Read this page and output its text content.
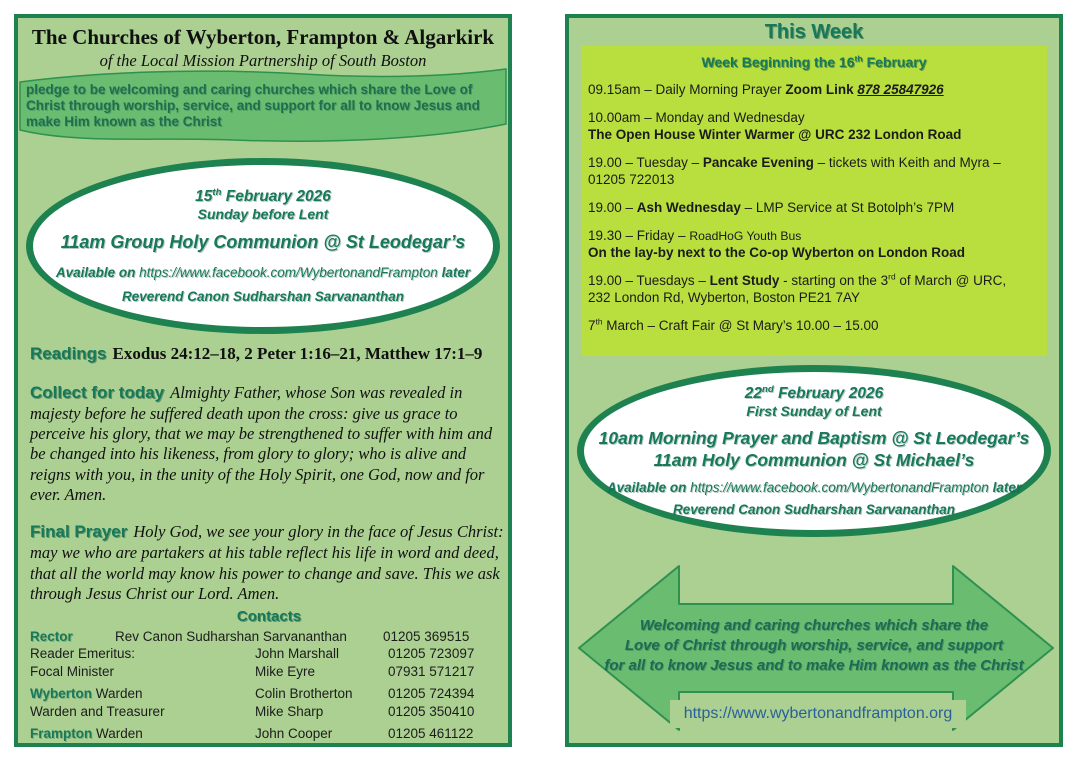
The Churches of Wyberton, Frampton & Algarkirk
of the Local Mission Partnership of South Boston
pledge to be welcoming and caring churches which share the Love of Christ through worship, service, and support for all to know Jesus and make Him known as the Christ
15th February 2026
Sunday before Lent
11am Group Holy Communion @ St Leodegar’s
Available on https://www.facebook.com/WybertonandFrampton later
Reverend Canon Sudharshan Sarvananthan

Readings Exodus 24:12–18, 2 Peter 1:16–21, Matthew 17:1–9

Collect for today Almighty Father, whose Son was revealed in majesty before he suffered death upon the cross: give us grace to perceive his glory, that we may be strengthened to suffer with him and be changed into his likeness, from glory to glory; who is alive and reigns with you, in the unity of the Holy Spirit, one God, now and for ever. Amen.

Final Prayer Holy God, we see your glory in the face of Jesus Christ: may we who are partakers at his table reflect his life in word and deed, that all the world may know his power to change and save. This we ask through Jesus Christ our Lord. Amen.

Contacts
Rector	Rev Canon Sudharshan Sarvananthan	01205 369515
Reader Emeritus:	John Marshall	01205 723097
Focal Minister	Mike Eyre	07931 571217
Wyberton Warden	Colin Brotherton	01205 724394
Warden and Treasurer	Mike Sharp	01205 350410
Frampton Warden	John Cooper	01205 461122
This Week
Week Beginning the 16th February

09.15am – Daily Morning Prayer Zoom Link 878 25847926

10.00am – Monday and Wednesday
The Open House Winter Warmer @ URC 232 London Road

19.00 – Tuesday – Pancake Evening – tickets with Keith and Myra – 01205 722013

19.00 – Ash Wednesday – LMP Service at St Botolph’s 7PM

19.30 – Friday – RoadHoG Youth Bus
On the lay-by next to the Co-op Wyberton on London Road

19.00 – Tuesdays – Lent Study - starting on the 3rd of March @ URC,
232 London Rd, Wyberton, Boston PE21 7AY

7th March – Craft Fair @ St Mary’s 10.00 – 15.00

22nd February 2026
First Sunday of Lent
10am Morning Prayer and Baptism @ St Leodegar’s
11am Holy Communion @ St Michael’s
Available on https://www.facebook.com/WybertonandFrampton later
Reverend Canon Sudharshan Sarvananthan
Welcoming and caring churches which share the
Love of Christ through worship, service, and support
for all to know Jesus and to make Him known as the Christ
https://www.wybertonandframpton.org
